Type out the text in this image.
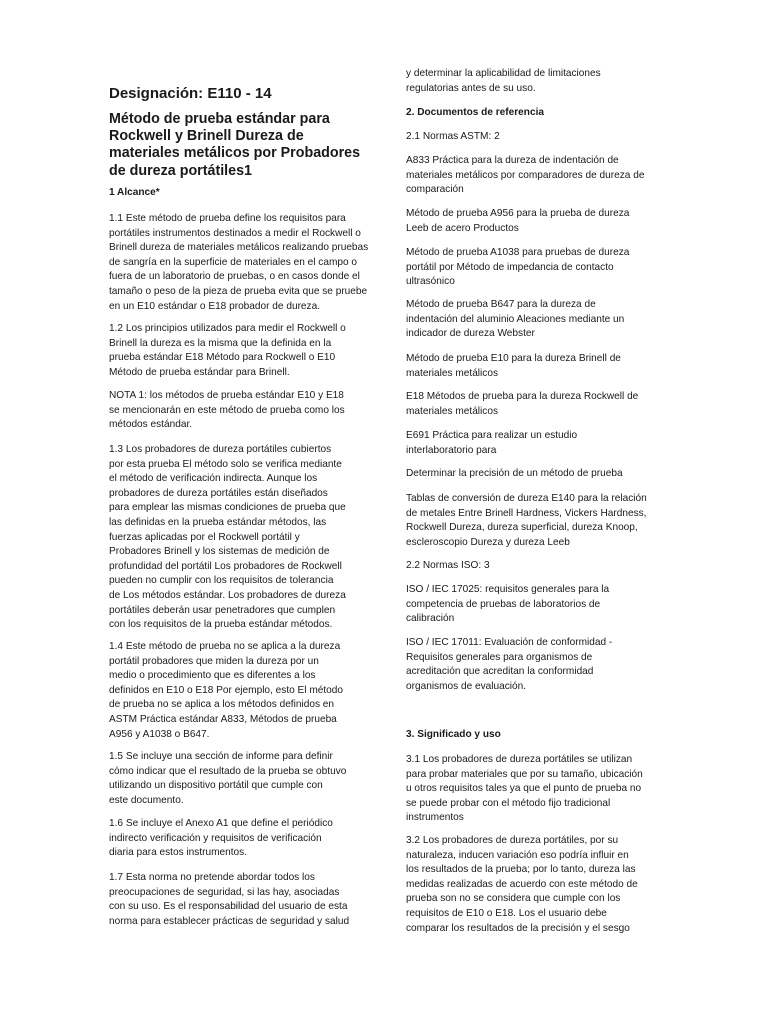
Designación: E110 - 14
Método de prueba estándar para
Rockwell y Brinell Dureza de
materiales metálicos por Probadores
de dureza portátiles1

1 Alcance*

1.1 Este método de prueba define los requisitos para
portátiles instrumentos destinados a medir el Rockwell o
Brinell dureza de materiales metálicos realizando pruebas
de sangría en la superficie de materiales en el campo o
fuera de un laboratorio de pruebas, o en casos donde el
tamaño o peso de la pieza de prueba evita que se pruebe
en un E10 estándar o E18 probador de dureza.

1.2 Los principios utilizados para medir el Rockwell o
Brinell la dureza es la misma que la definida en la
prueba estándar E18 Método para Rockwell o E10
Método de prueba estándar para Brinell.

NOTA 1: los métodos de prueba estándar E10 y E18
se mencionarán en este método de prueba como los
métodos estándar.

1.3 Los probadores de dureza portátiles cubiertos
por esta prueba El método solo se verifica mediante
el método de verificación indirecta. Aunque los
probadores de dureza portátiles están diseñados
para emplear las mismas condiciones de prueba que
las definidas en la prueba estándar métodos, las
fuerzas aplicadas por el Rockwell portátil y
Probadores Brinell y los sistemas de medición de
profundidad del portátil Los probadores de Rockwell
pueden no cumplir con los requisitos de tolerancia
de Los métodos estándar. Los probadores de dureza
portátiles deberán usar penetradores que cumplen
con los requisitos de la prueba estándar métodos.

1.4 Este método de prueba no se aplica a la dureza
portátil probadores que miden la dureza por un
medio o procedimiento que es diferentes a los
definidos en E10 o E18 Por ejemplo, esto El método
de prueba no se aplica a los métodos definidos en
ASTM Práctica estándar A833, Métodos de prueba
A956 y A1038 o B647.

1.5 Se incluye una sección de informe para definir
cómo indicar que el resultado de la prueba se obtuvo
utilizando un dispositivo portátil que cumple con
este documento.

1.6 Se incluye el Anexo A1 que define el periódico
indirecto verificación y requisitos de verificación
diaria para estos instrumentos.

1.7 Esta norma no pretende abordar todos los
preocupaciones de seguridad, si las hay, asociadas
con su uso. Es el responsabilidad del usuario de esta
norma para establecer prácticas de seguridad y salud

y determinar la aplicabilidad de limitaciones
regulatorias antes de su uso.

2. Documentos de referencia

2.1 Normas ASTM: 2

A833 Práctica para la dureza de indentación de
materiales metálicos por comparadores de dureza de
comparación

Método de prueba A956 para la prueba de dureza
Leeb de acero Productos

Método de prueba A1038 para pruebas de dureza
portátil por Método de impedancia de contacto
ultrasónico

Método de prueba B647 para la dureza de
indentación del aluminio Aleaciones mediante un
indicador de dureza Webster

Método de prueba E10 para la dureza Brinell de
materiales metálicos

E18 Métodos de prueba para la dureza Rockwell de
materiales metálicos

E691 Práctica para realizar un estudio
interlaboratorio para

Determinar la precisión de un método de prueba

Tablas de conversión de dureza E140 para la relación
de metales Entre Brinell Hardness, Vickers Hardness,
Rockwell Dureza, dureza superficial, dureza Knoop,
escleroscopio Dureza y dureza Leeb

2.2 Normas ISO: 3

ISO / IEC 17025: requisitos generales para la
competencia de pruebas de laboratorios de
calibración

ISO / IEC 17011: Evaluación de conformidad -
Requisitos generales para organismos de
acreditación que acreditan la conformidad
organismos de evaluación.

3. Significado y uso

3.1 Los probadores de dureza portátiles se utilizan
para probar materiales que por su tamaño, ubicación
u otros requisitos tales ya que el punto de prueba no
se puede probar con el método fijo tradicional
instrumentos

3.2 Los probadores de dureza portátiles, por su
naturaleza, inducen variación eso podría influir en
los resultados de la prueba; por lo tanto, dureza las
medidas realizadas de acuerdo con este método de
prueba son no se considera que cumple con los
requisitos de E10 o E18. Los el usuario debe
comparar los resultados de la precisión y el sesgo
